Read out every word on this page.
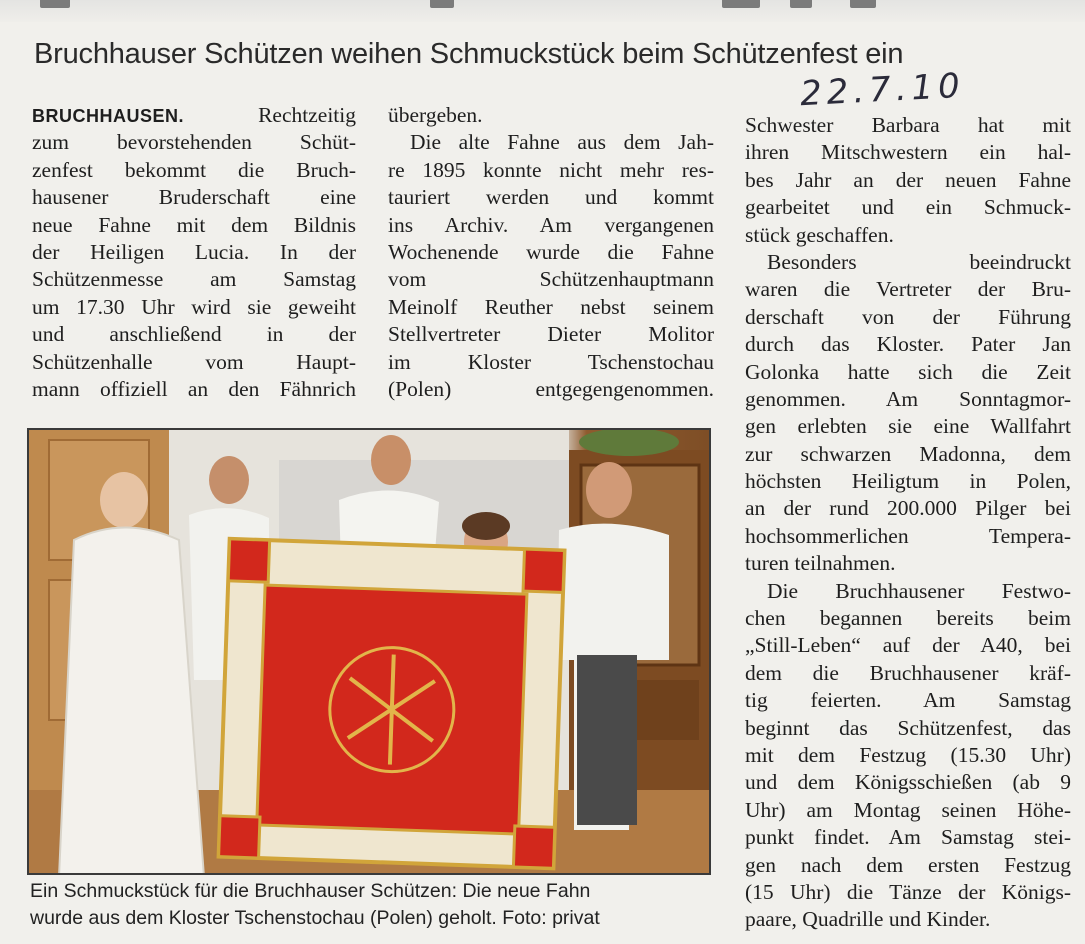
Bruchhauser Schützen weihen Schmuckstück beim Schützenfest ein
22.7.10
BRUCHHAUSEN.	Rechtzeitig
zum bevorstehenden Schüt-
zenfest bekommt die Bruch-
hausener Bruderschaft eine
neue Fahne mit dem Bildnis
der Heiligen Lucia. In der
Schützenmesse am Samstag
um 17.30 Uhr wird sie geweiht
und anschließend in der
Schützenhalle vom Haupt-
mann offiziell an den Fähnrich
übergeben.
Die alte Fahne aus dem Jah-
re 1895 konnte nicht mehr res-
tauriert werden und kommt
ins Archiv. Am vergangenen
Wochenende wurde die Fahne
vom Schützenhauptmann
Meinolf Reuther nebst seinem
Stellvertreter Dieter Molitor
im Kloster Tschenstochau
(Polen) entgegengenommen.
Schwester Barbara hat mit
ihren Mitschwestern ein hal-
bes Jahr an der neuen Fahne
gearbeitet und ein Schmuck-
stück geschaffen.
Besonders beeindruckt
waren die Vertreter der Bru-
derschaft von der Führung
durch das Kloster. Pater Jan
Golonka hatte sich die Zeit
genommen. Am Sonntagmor-
gen erlebten sie eine Wallfahrt
zur schwarzen Madonna, dem
höchsten Heiligtum in Polen,
an der rund 200.000 Pilger bei
hochsommerlichen Tempera-
turen teilnahmen.
Die Bruchhausener Festwo-
chen begannen bereits beim
„Still-Leben“ auf der A40, bei
dem die Bruchhausener kräf-
tig feierten. Am Samstag
beginnt das Schützenfest, das
mit dem Festzug (15.30 Uhr)
und dem Königsschießen (ab 9
Uhr) am Montag seinen Höhe-
punkt findet. Am Samstag stei-
gen nach dem ersten Festzug
(15 Uhr) die Tänze der Königs-
paare, Quadrille und Kinder.
Ein Schmuckstück für die Bruchhauser Schützen: Die neue Fahn
wurde aus dem Kloster Tschenstochau (Polen) geholt. Foto: privat
